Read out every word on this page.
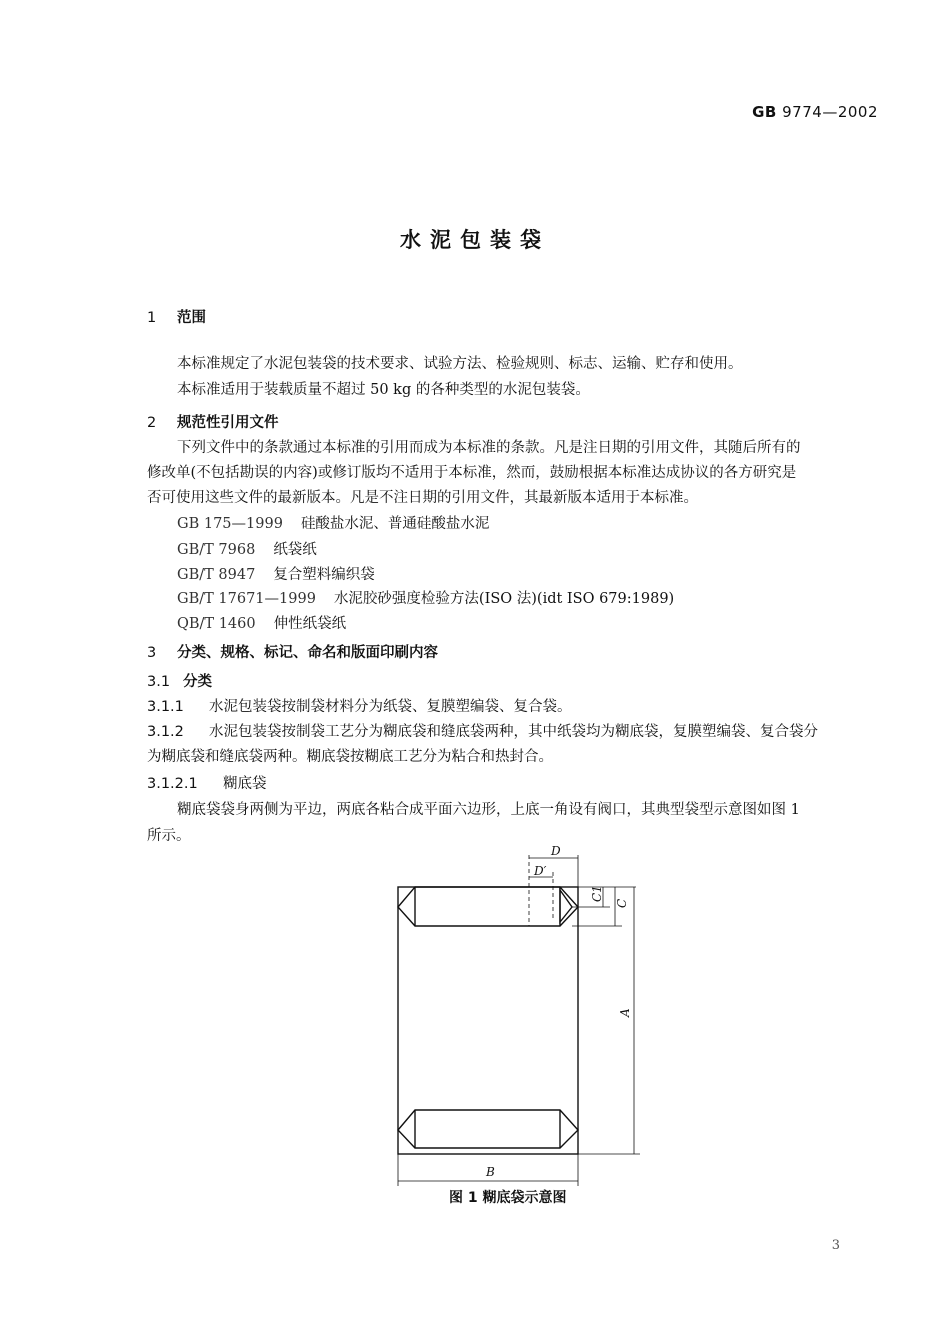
GB 9774—2002
水泥包装袋
1 范围
本标准规定了水泥包装袋的技术要求、试验方法、检验规则、标志、运输、贮存和使用。
本标准适用于装载质量不超过 50 kg 的各种类型的水泥包装袋。
2 规范性引用文件
下列文件中的条款通过本标准的引用而成为本标准的条款。凡是注日期的引用文件，其随后所有的
修改单(不包括勘误的内容)或修订版均不适用于本标准，然而，鼓励根据本标准达成协议的各方研究是
否可使用这些文件的最新版本。凡是不注日期的引用文件，其最新版本适用于本标准。
GB 175—1999 硅酸盐水泥、普通硅酸盐水泥
GB/T 7968 纸袋纸
GB/T 8947 复合塑料编织袋
GB/T 17671—1999 水泥胶砂强度检验方法(ISO 法)(idt ISO 679:1989)
QB/T 1460 伸性纸袋纸
3 分类、规格、标记、命名和版面印刷内容
3.1 分类
3.1.1 水泥包装袋按制袋材料分为纸袋、复膜塑编袋、复合袋。
3.1.2 水泥包装袋按制袋工艺分为糊底袋和缝底袋两种，其中纸袋均为糊底袋，复膜塑编袋、复合袋分
为糊底袋和缝底袋两种。糊底袋按糊底工艺分为粘合和热封合。
3.1.2.1 糊底袋
糊底袋袋身两侧为平边，两底各粘合成平面六边形，上底一角设有阀口，其典型袋型示意图如图 1
所示。
D
D′
C1
C
A
B
图 1 糊底袋示意图
3
